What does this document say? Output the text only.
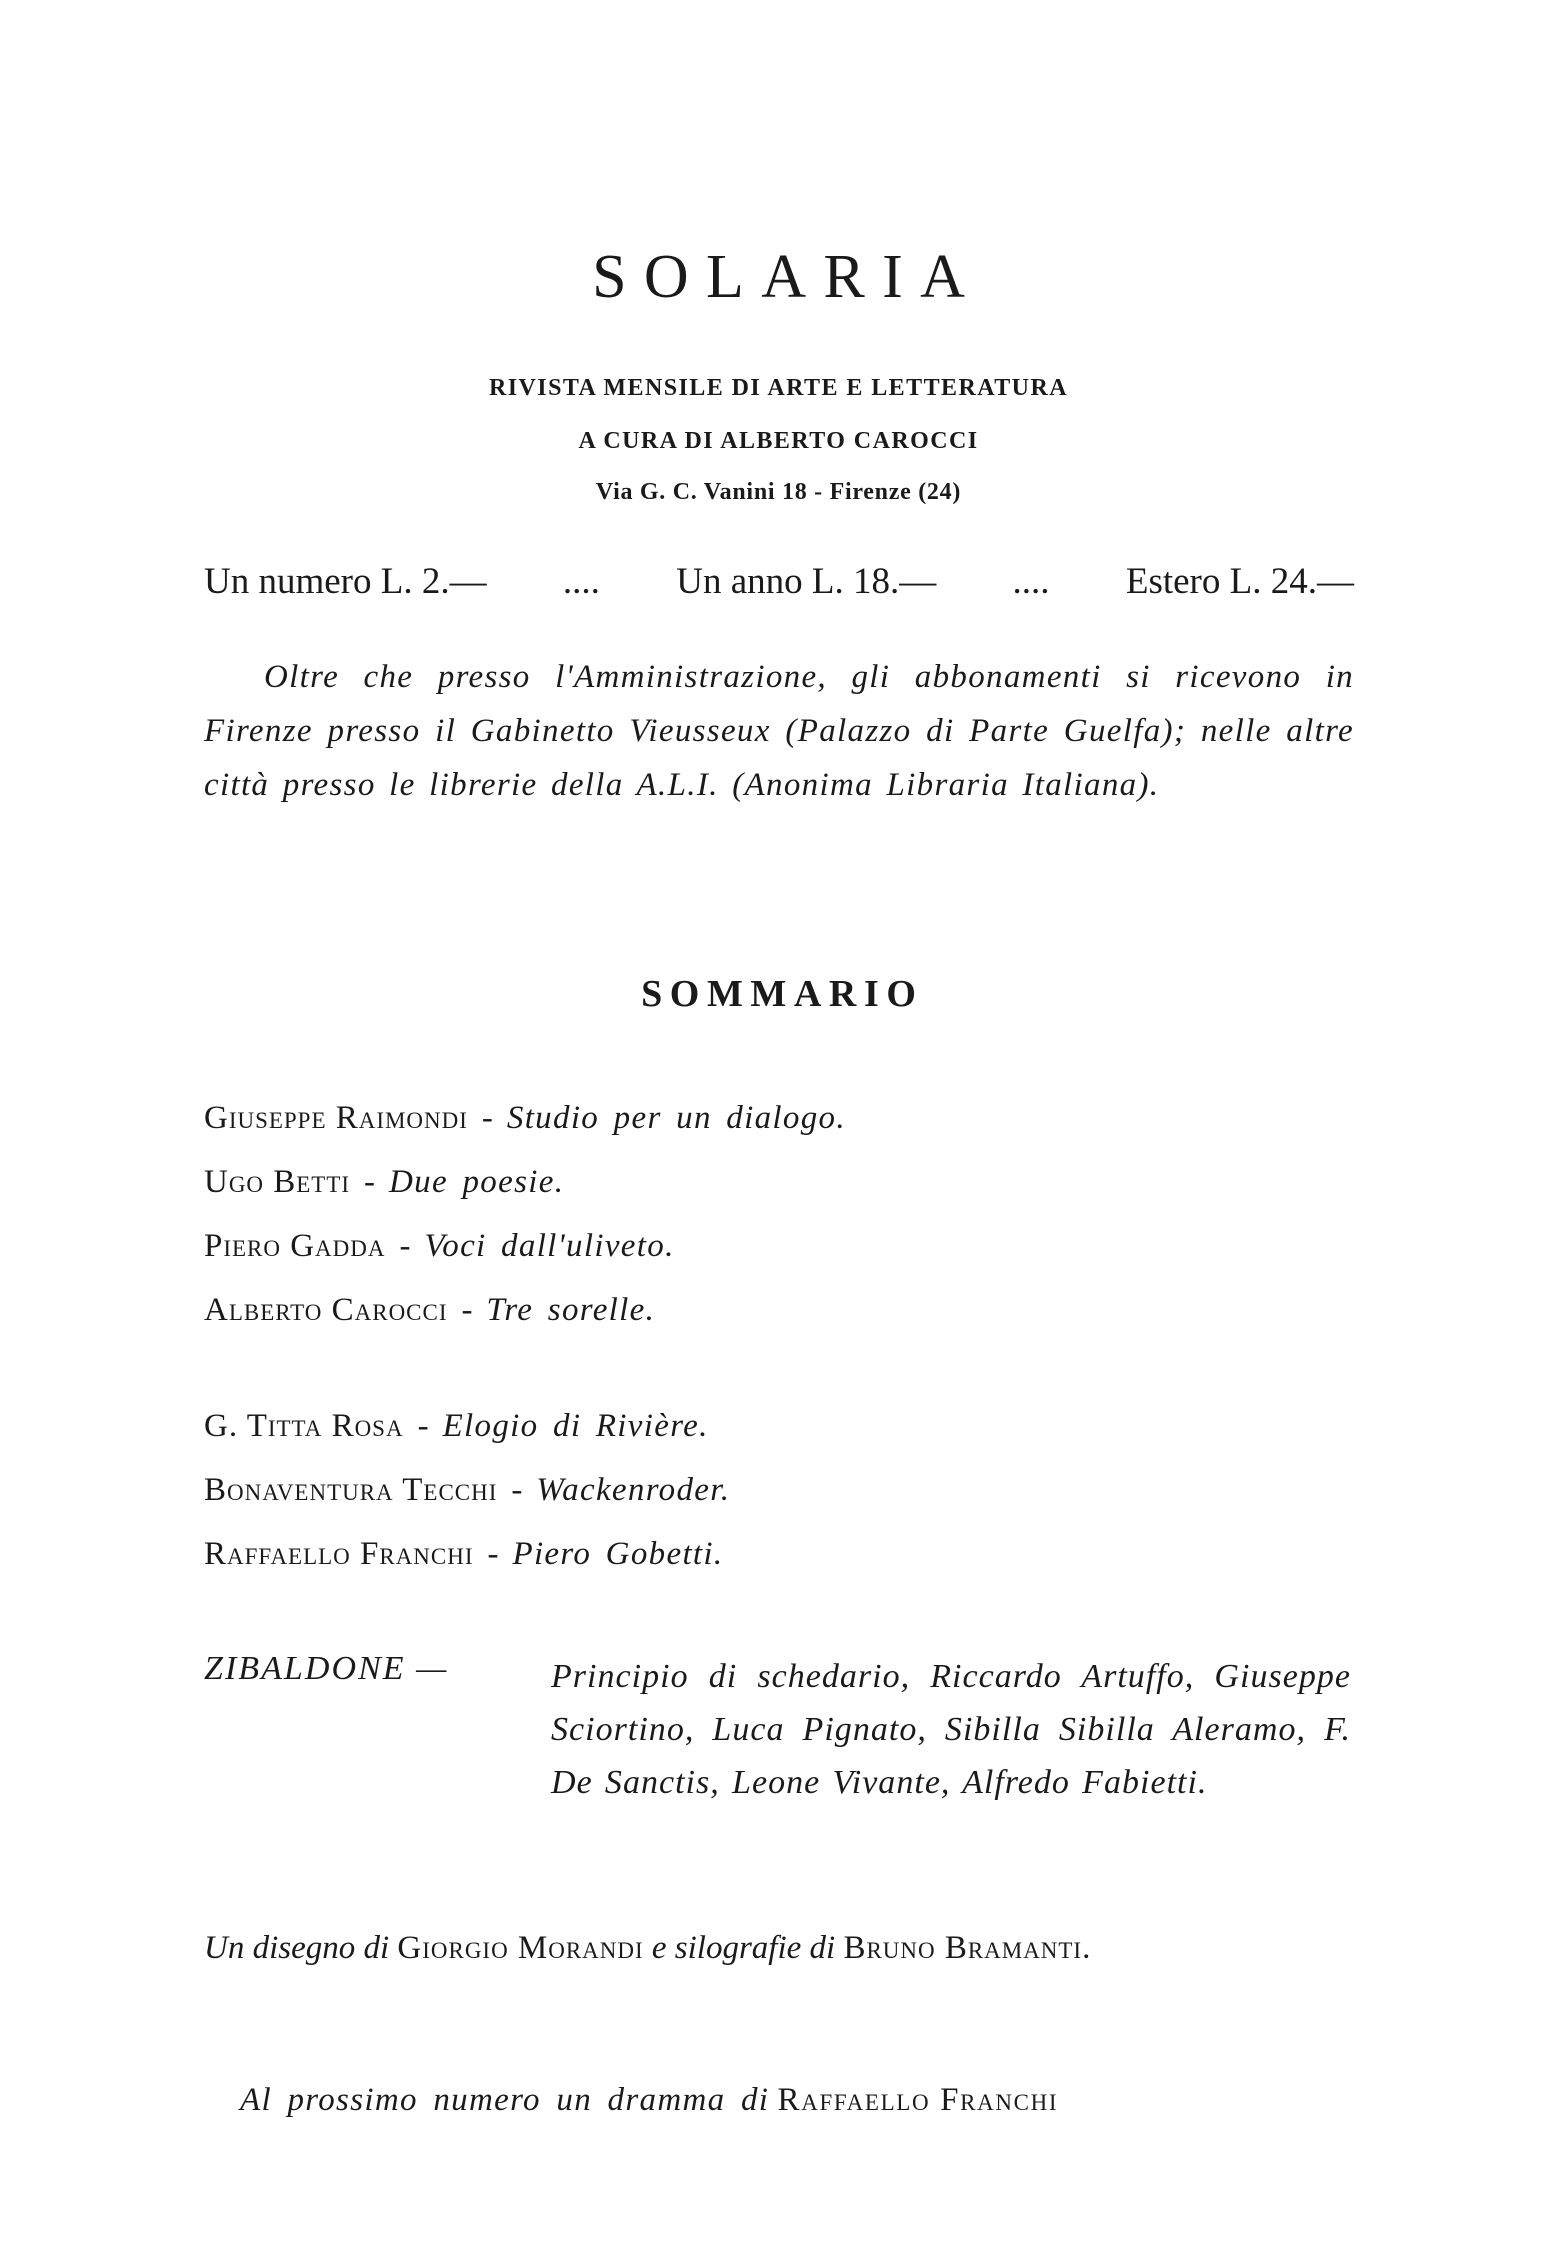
SOLARIA
RIVISTA MENSILE DI ARTE E LETTERATURA
A CURA DI ALBERTO CAROCCI
Via G. C. Vanini 18 - Firenze (24)
Un numero L. 2.— .... Un anno L. 18.— .... Estero L. 24.—

Oltre che presso l'Amministrazione, gli abbonamenti si ricevono in Firenze presso il Gabinetto Vieusseux (Palazzo di Parte Guelfa); nelle altre città presso le librerie della A.L.I. (Anonima Libraria Italiana).

SOMMARIO
Giuseppe Raimondi - Studio per un dialogo.
Ugo Betti - Due poesie.
Piero Gadda - Voci dall'uliveto.
Alberto Carocci - Tre sorelle.
G. Titta Rosa - Elogio di Rivière.
Bonaventura Tecchi - Wackenroder.
Raffaello Franchi - Piero Gobetti.
ZIBALDONE —	Principio di schedario, Riccardo Artuffo, Giuseppe Sciortino, Luca Pignato, Sibilla Sibilla Aleramo, F. De Sanctis, Leone Vivante, Alfredo Fabietti.
Un disegno di Giorgio Morandi e silografie di Bruno Bramanti.
Al prossimo numero un dramma di Raffaello Franchi
